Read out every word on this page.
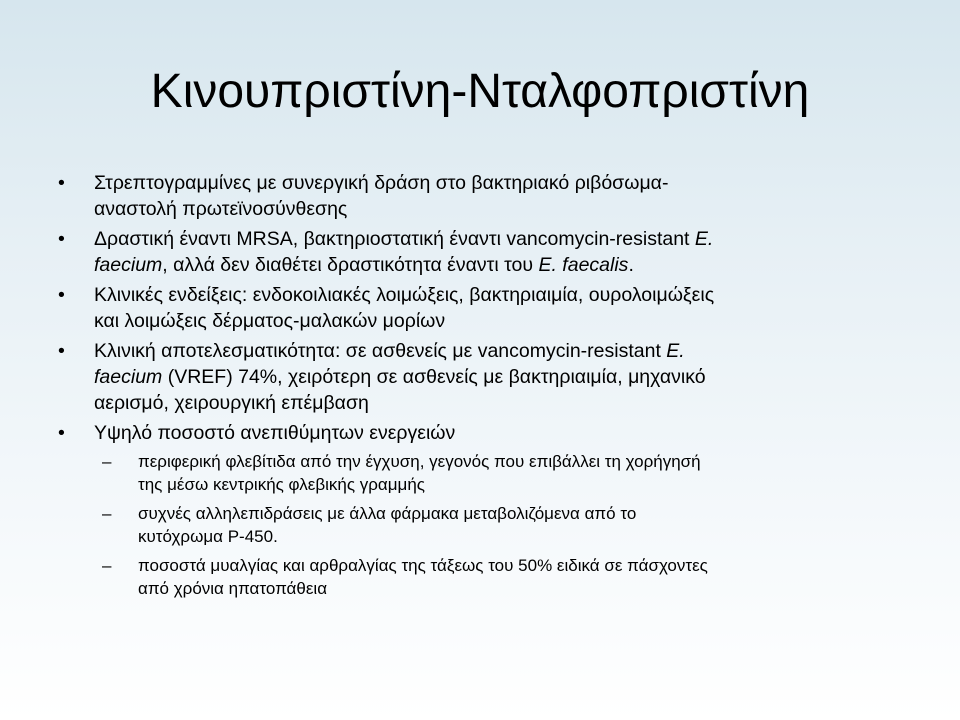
Κινουπριστίνη-Νταλφοπριστίνη
•	Στρεπτογραμμίνες με συνεργική δράση στο βακτηριακό ριβόσωμα-
αναστολή πρωτεϊνοσύνθεσης
•	Δραστική έναντι MRSA, βακτηριοστατική έναντι vancomycin-resistant E.
faecium, αλλά δεν διαθέτει δραστικότητα έναντι του E. faecalis.
•	Κλινικές ενδείξεις: ενδοκοιλιακές λοιμώξεις, βακτηριαιμία, ουρολοιμώξεις
και λοιμώξεις δέρματος-μαλακών μορίων
•	Κλινική αποτελεσματικότητα: σε ασθενείς με vancomycin-resistant E.
faecium (VREF) 74%, χειρότερη σε ασθενείς με βακτηριαιμία, μηχανικό
αερισμό, χειρουργική επέμβαση
•	Υψηλό ποσοστό ανεπιθύμητων ενεργειών
– περιφερική φλεβίτιδα από την έγχυση, γεγονός που επιβάλλει τη χορήγησή
της μέσω κεντρικής φλεβικής γραμμής
– συχνές αλληλεπιδράσεις με άλλα φάρμακα μεταβολιζόμενα από το
κυτόχρωμα P-450.
– ποσοστά μυαλγίας και αρθραλγίας της τάξεως του 50% ειδικά σε πάσχοντες
από χρόνια ηπατοπάθεια
